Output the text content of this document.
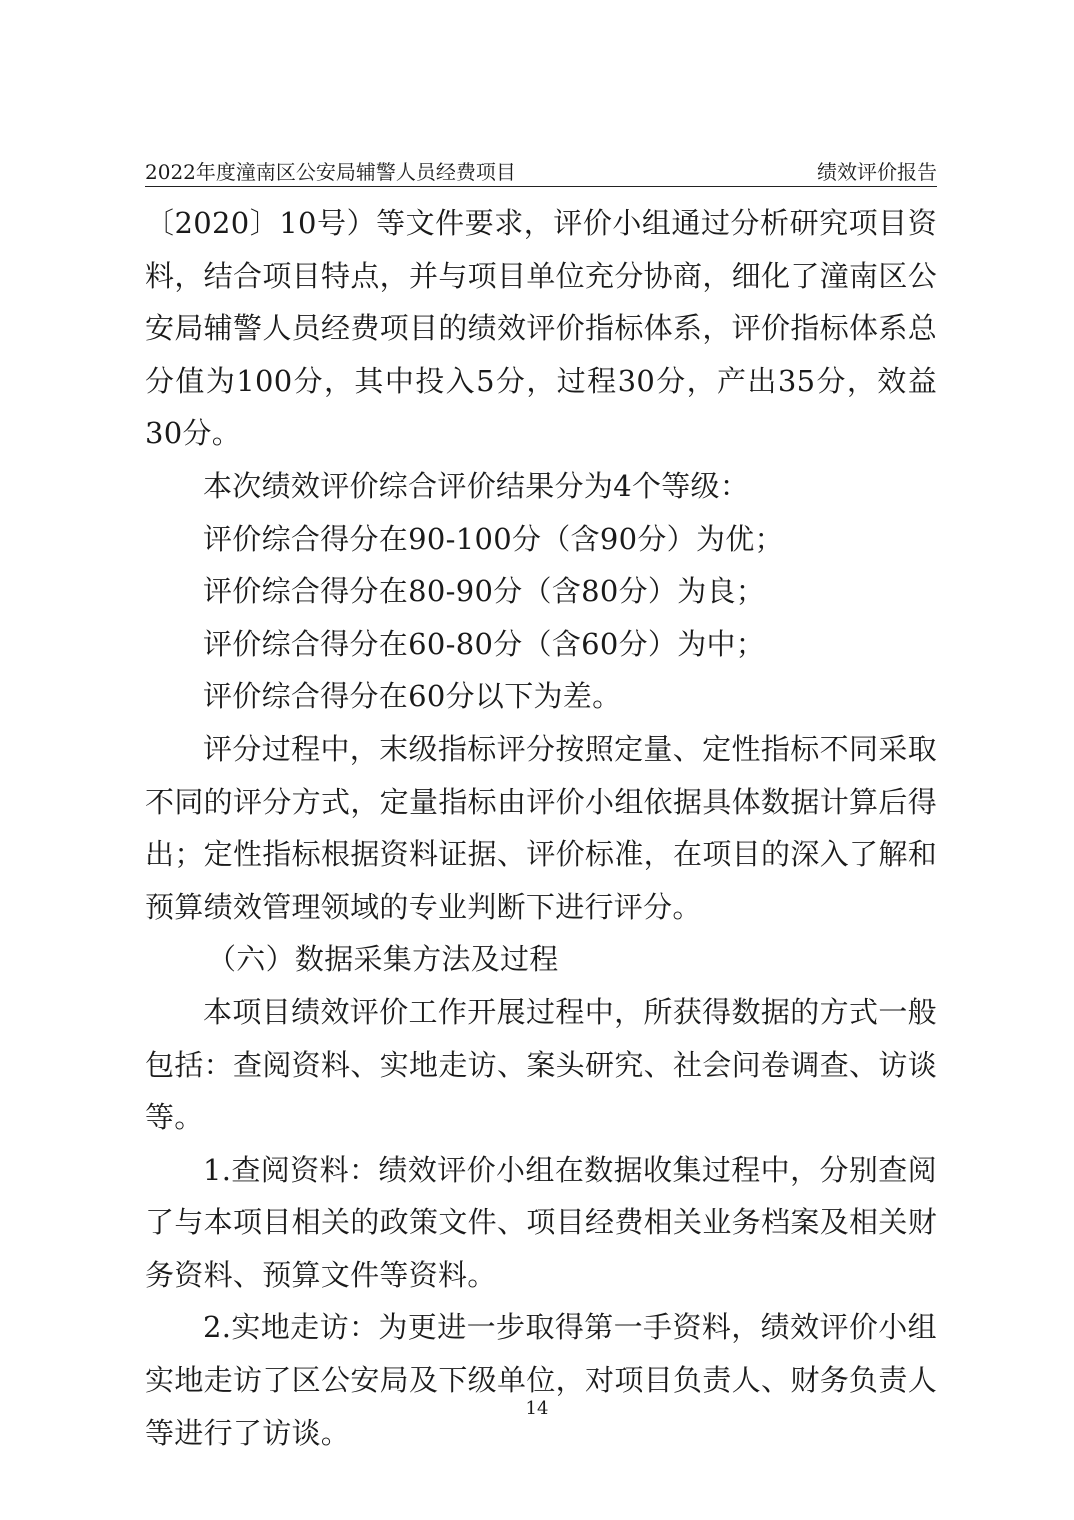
2022年度潼南区公安局辅警人员经费项目	绩效评价报告

〔2020〕10号）等文件要求，评价小组通过分析研究项目资料，结合项目特点，并与项目单位充分协商，细化了潼南区公安局辅警人员经费项目的绩效评价指标体系，评价指标体系总分值为100分，其中投入5分，过程30分，产出35分，效益30分。

本次绩效评价综合评价结果分为4个等级：

评价综合得分在90-100分（含90分）为优；

评价综合得分在80-90分（含80分）为良；

评价综合得分在60-80分（含60分）为中；

评价综合得分在60分以下为差。

评分过程中，末级指标评分按照定量、定性指标不同采取不同的评分方式，定量指标由评价小组依据具体数据计算后得出；定性指标根据资料证据、评价标准，在项目的深入了解和预算绩效管理领域的专业判断下进行评分。

（六）数据采集方法及过程

本项目绩效评价工作开展过程中，所获得数据的方式一般包括：查阅资料、实地走访、案头研究、社会问卷调查、访谈等。

1.查阅资料：绩效评价小组在数据收集过程中，分别查阅了与本项目相关的政策文件、项目经费相关业务档案及相关财务资料、预算文件等资料。

2.实地走访：为更进一步取得第一手资料，绩效评价小组实地走访了区公安局及下级单位，对项目负责人、财务负责人等进行了访谈。

14
